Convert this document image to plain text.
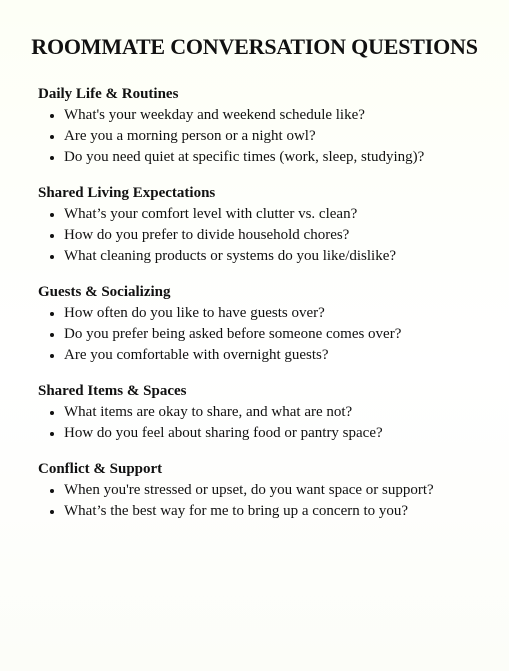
ROOMMATE CONVERSATION QUESTIONS
Daily Life & Routines
What's your weekday and weekend schedule like?
Are you a morning person or a night owl?
Do you need quiet at specific times (work, sleep, studying)?
Shared Living Expectations
What’s your comfort level with clutter vs. clean?
How do you prefer to divide household chores?
What cleaning products or systems do you like/dislike?
Guests & Socializing
How often do you like to have guests over?
Do you prefer being asked before someone comes over?
Are you comfortable with overnight guests?
Shared Items & Spaces
What items are okay to share, and what are not?
How do you feel about sharing food or pantry space?
Conflict & Support
When you're stressed or upset, do you want space or support?
What’s the best way for me to bring up a concern to you?
